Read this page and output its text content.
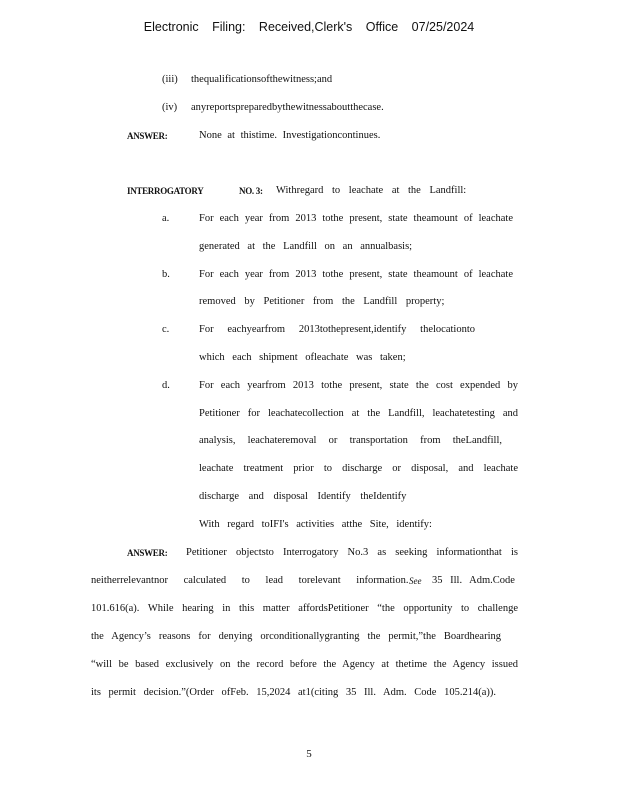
Electronic Filing: Received,Clerk's Office 07/25/2024
(iii) thequalificationsofthewitness;and
(iv) anyreportspreparedbythewitnessaboutthecase.
ANSWER:	None at thistime. Investigationcontinues.
INTERROGATORY	NO. 3: Withregard to leachate at the Landfill:
a.	For each year from 2013 tothe present, state theamount of leachate
generated at the Landfill on an annualbasis;
b.	For each year from 2013 tothe present, state theamount of leachate
removed by Petitioner from the Landfill property;
c.	For eachyearfrom 2013tothepresent,identify thelocationto
which each shipment ofleachate was taken;
d.	For each yearfrom 2013 tothe present, state the cost expended by
Petitioner for leachatecollection at the Landfill, leachatetesting and
analysis, leachateremoval or transportation from theLandfill,
leachate treatment prior to discharge or disposal, and leachate
discharge and disposal Identify theIdentify
With regard toIFI's activities atthe Site, identify:
ANSWER: Petitioner objectsto Interrogatory No.3 as seeking informationthat is
neitherrelevantnor calculated to lead torelevant information. See 35 Ill. Adm.Code
101.616(a). While hearing in this matter affordsPetitioner “the opportunity to challenge
the Agency’s reasons for denying orconditionallygranting the permit,”the Boardhearing
“will be based exclusively on the record before the Agency at thetime the Agency issued
its permit decision.”(Order ofFeb. 15,2024 at1(citing 35 Ill. Adm. Code 105.214(a)).
5
